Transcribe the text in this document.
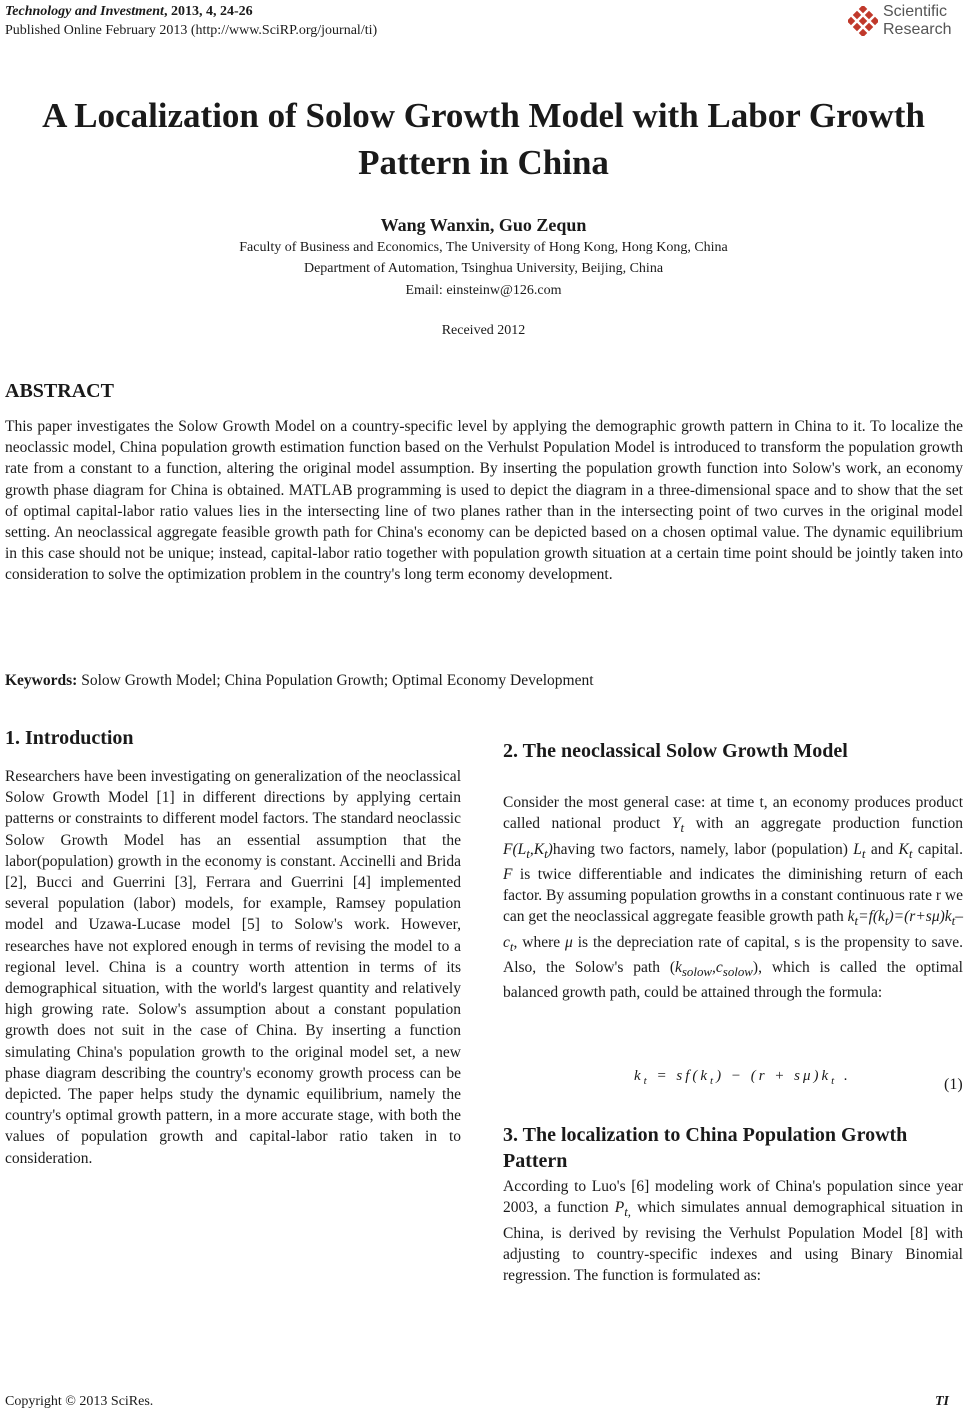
Technology and Investment, 2013, 4, 24-26
Published Online February 2013 (http://www.SciRP.org/journal/ti)
Scientific
Research
A Localization of Solow Growth Model with Labor Growth Pattern in China
Wang Wanxin, Guo Zequn
Faculty of Business and Economics, The University of Hong Kong, Hong Kong, China
Department of Automation, Tsinghua University, Beijing, China
Email: einsteinw@126.com
Received 2012
ABSTRACT
This paper investigates the Solow Growth Model on a country-specific level by applying the demographic growth pattern in China to it. To localize the neoclassic model, China population growth estimation function based on the Verhulst Population Model is introduced to transform the population growth rate from a constant to a function, altering the original model assumption. By inserting the population growth function into Solow's work, an economy growth phase diagram for China is obtained. MATLAB programming is used to depict the diagram in a three-dimensional space and to show that the set of optimal capital-labor ratio values lies in the intersecting line of two planes rather than in the intersecting point of two curves in the original model setting. An neoclassical aggregate feasible growth path for China's economy can be depicted based on a chosen optimal value. The dynamic equilibrium in this case should not be unique; instead, capital-labor ratio together with population growth situation at a certain time point should be jointly taken into consideration to solve the optimization problem in the country's long term economy development.
Keywords: Solow Growth Model; China Population Growth; Optimal Economy Development
1. Introduction
Researchers have been investigating on generalization of the neoclassical Solow Growth Model [1] in different directions by applying certain patterns or constraints to different model factors. The standard neoclassic Solow Growth Model has an essential assumption that the labor(population) growth in the economy is constant. Accinelli and Brida [2], Bucci and Guerrini [3], Ferrara and Guerrini [4] implemented several population (labor) models, for example, Ramsey population model and Uzawa-Lucase model [5] to Solow's work. However, researches have not explored enough in terms of revising the model to a regional level. China is a country worth attention in terms of its demographical situation, with the world's largest quantity and relatively high growing rate. Solow's assumption about a constant population growth does not suit in the case of China. By inserting a function simulating China's population growth to the original model set, a new phase diagram describing the country's economy growth process can be depicted. The paper helps study the dynamic equilibrium, namely the country's optimal growth pattern, in a more accurate stage, with both the values of population growth and capital-labor ratio taken in to consideration.
2. The neoclassical Solow Growth Model
Consider the most general case: at time t, an economy produces product called national product $Y_t$ with an aggregate production function $F(L_t,K_t)having$ two factors, namely, labor (population) $L_t$ and $K_t$ capital. F is twice differentiable and indicates the diminishing return of each factor. By assuming population growths in a constant continuous rate r we can get the neoclassical aggregate feasible growth path $k_t=f(k_t)=(r+s\mu)k_t-c_t$, where μ is the depreciation rate of capital, s is the propensity to save. Also, the Solow's path $(k_{solow},c_{solow})$, which is called the optimal balanced growth path, could be attained through the formula:
$k_t = sf(k_t) - (r + s\mu)k_t$ .	(1)
3. The localization to China Population Growth Pattern
According to Luo's [6] modeling work of China's population since year 2003, a function $P_{t,}$ which simulates annual demographical situation in China, is derived by revising the Verhulst Population Model [8] with adjusting to country-specific indexes and using Binary Binomial regression. The function is formulated as:
Copyright © 2013 SciRes.	TI
